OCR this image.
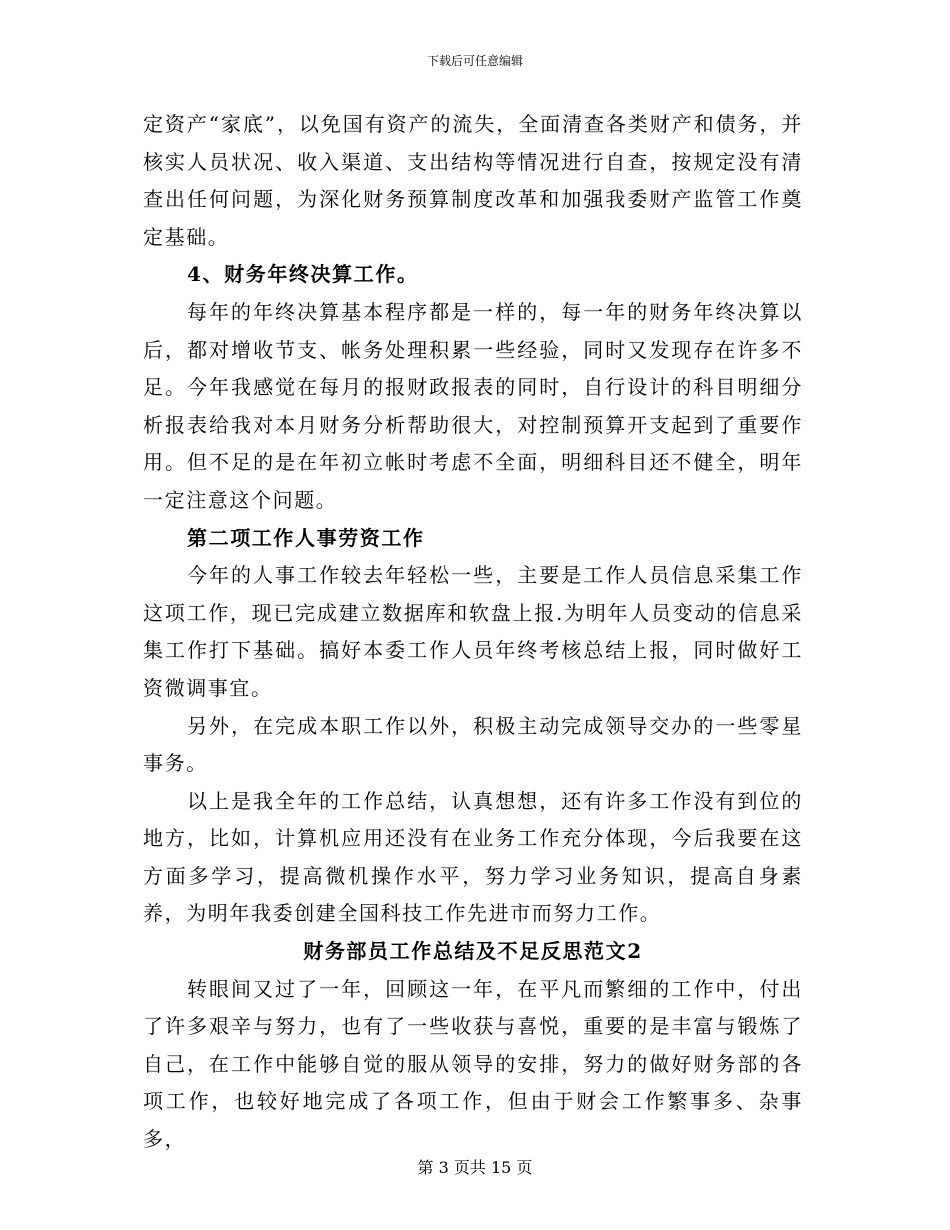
下载后可任意编辑

定资产“家底”，以免国有资产的流失，全面清查各类财产和债务，并核实人员状况、收入渠道、支出结构等情况进行自查，按规定没有清查出任何问题，为深化财务预算制度改革和加强我委财产监管工作奠定基础。

4、财务年终决算工作。

每年的年终决算基本程序都是一样的，每一年的财务年终决算以后，都对增收节支、帐务处理积累一些经验，同时又发现存在许多不足。今年我感觉在每月的报财政报表的同时，自行设计的科目明细分析报表给我对本月财务分析帮助很大，对控制预算开支起到了重要作用。但不足的是在年初立帐时考虑不全面，明细科目还不健全，明年一定注意这个问题。

第二项工作人事劳资工作

今年的人事工作较去年轻松一些，主要是工作人员信息采集工作这项工作，现已完成建立数据库和软盘上报.为明年人员变动的信息采集工作打下基础。搞好本委工作人员年终考核总结上报，同时做好工资微调事宜。

另外，在完成本职工作以外，积极主动完成领导交办的一些零星事务。

以上是我全年的工作总结，认真想想，还有许多工作没有到位的地方，比如，计算机应用还没有在业务工作充分体现，今后我要在这方面多学习，提高微机操作水平，努力学习业务知识，提高自身素养，为明年我委创建全国科技工作先进市而努力工作。

财务部员工作总结及不足反思范文2

转眼间又过了一年，回顾这一年，在平凡而繁细的工作中，付出了许多艰辛与努力，也有了一些收获与喜悦，重要的是丰富与锻炼了自己，在工作中能够自觉的服从领导的安排，努力的做好财务部的各项工作，也较好地完成了各项工作，但由于财会工作繁事多、杂事多，

第 3 页共 15 页
